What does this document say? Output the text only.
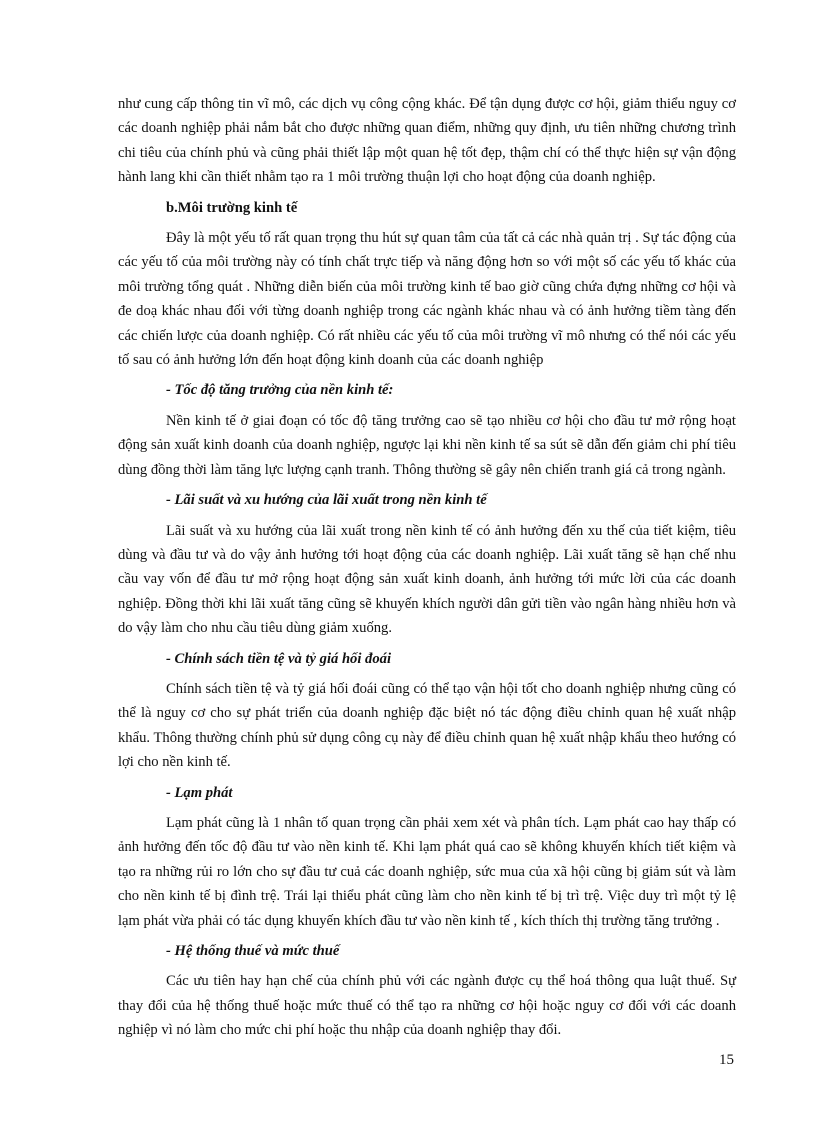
như cung cấp thông tin vĩ mô, các dịch vụ công cộng khác. Để tận dụng được cơ hội, giảm thiểu nguy cơ các doanh nghiệp phải nắm bắt cho được những quan điểm, những quy định, ưu tiên những chương trình chi tiêu của chính phủ và cũng phải thiết lập một quan hệ tốt đẹp, thậm chí có thể thực hiện sự vận động hành lang khi cần thiết nhằm tạo ra 1 môi trường thuận lợi cho hoạt động của doanh nghiệp.

b.Môi trường kinh tế

Đây là một yếu tố rất quan trọng thu hút sự quan tâm của tất cả các nhà quản trị . Sự tác động của các yếu tố của môi trường này có tính chất trực tiếp và năng động hơn so với một số các yếu tố khác của môi trường tổng quát . Những diễn biến của môi trường kinh tế bao giờ cũng chứa đựng những cơ hội và đe doạ khác nhau đối với từng doanh nghiệp trong các ngành khác nhau và có ảnh hưởng tiềm tàng đến các chiến lược của doanh nghiệp. Có rất nhiều các yếu tố của môi trường vĩ mô nhưng có thể nói các yếu tố sau có ảnh hưởng lớn đến hoạt động kinh doanh của các doanh nghiệp

- Tốc độ tăng trưởng của nền kinh tế:

Nền kinh tế ở giai đoạn có tốc độ tăng trưởng cao sẽ tạo nhiều cơ hội cho đầu tư mở rộng hoạt động sản xuất kinh doanh của doanh nghiệp, ngược lại khi nền kinh tế sa sút sẽ dẫn đến giảm chi phí tiêu dùng đồng thời làm tăng lực lượng cạnh tranh. Thông thường sẽ gây nên chiến tranh giá cả trong ngành.

- Lãi suất và xu hướng của lãi xuất trong nền kinh tế

Lãi suất và xu hướng của lãi xuất trong nền kinh tế có ảnh hưởng đến xu thế của tiết kiệm, tiêu dùng và đầu tư và do vậy ảnh hưởng tới hoạt động của các doanh nghiệp. Lãi xuất tăng sẽ hạn chế nhu cầu vay vốn để đầu tư mở rộng hoạt động sản xuất kinh doanh, ảnh hưởng tới mức lời của các doanh nghiệp. Đồng thời khi lãi xuất tăng cũng sẽ khuyến khích người dân gửi tiền vào ngân hàng nhiều hơn và do vậy làm cho nhu cầu tiêu dùng giảm xuống.

- Chính sách tiền tệ và tỷ giá hối đoái

Chính sách tiền tệ và tỷ giá hối đoái cũng có thể tạo vận hội tốt cho doanh nghiệp nhưng cũng có thể là nguy cơ cho sự phát triển của doanh nghiệp đặc biệt nó tác động điều chỉnh quan hệ xuất nhập khẩu. Thông thường chính phủ sử dụng công cụ này để điều chỉnh quan hệ xuất nhập khẩu theo hướng có lợi cho nền kinh tế.

- Lạm phát

Lạm phát cũng là 1 nhân tố quan trọng cần phải xem xét và phân tích. Lạm phát cao hay thấp có ảnh hưởng đến tốc độ đầu tư vào nền kinh tế. Khi lạm phát quá cao sẽ không khuyến khích tiết kiệm và tạo ra những rủi ro lớn cho sự đầu tư cuả các doanh nghiệp, sức mua của xã hội cũng bị giảm sút và làm cho nền kinh tế bị đình trệ. Trái lại thiểu phát cũng làm cho nền kinh tế bị trì trệ. Việc duy trì một tỷ lệ lạm phát vừa phải có tác dụng khuyến khích đầu tư vào nền kinh tế , kích thích thị trường tăng trưởng .

- Hệ thống thuế và mức thuế

Các ưu tiên hay hạn chế của chính phủ với các ngành được cụ thể hoá thông qua luật thuế. Sự thay đổi của hệ thống thuế hoặc mức thuế có thể tạo ra những cơ hội hoặc nguy cơ đối với các doanh nghiệp vì nó làm cho mức chi phí hoặc thu nhập của doanh nghiệp thay đổi.

15
